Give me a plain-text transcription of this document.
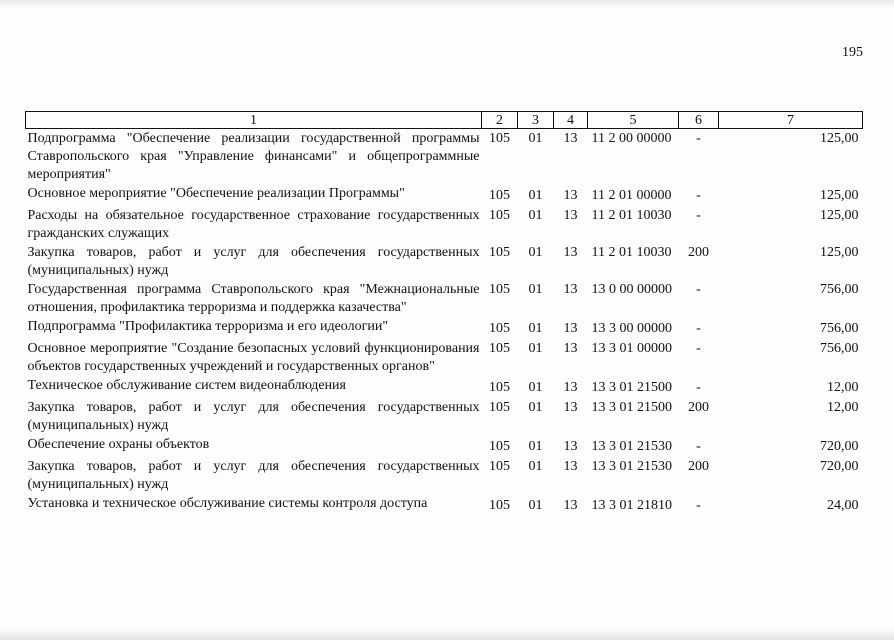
195
1	2	3	4	5	6	7
Подпрограмма "Обеспечение реализации государственной программы Ставропольского края "Управление финансами" и общепрограммные мероприятия"	105	01	13	11 2 00 00000	-	125,00
Основное мероприятие "Обеспечение реализации Программы"	105	01	13	11 2 01 00000	-	125,00
Расходы на обязательное государственное страхование государственных гражданских служащих	105	01	13	11 2 01 10030	-	125,00
Закупка товаров, работ и услуг для обеспечения государственных (муниципальных) нужд	105	01	13	11 2 01 10030	200	125,00
Государственная программа Ставропольского края "Межнациональные отношения, профилактика терроризма и поддержка казачества"	105	01	13	13 0 00 00000	-	756,00
Подпрограмма "Профилактика терроризма и его идеологии"	105	01	13	13 3 00 00000	-	756,00
Основное мероприятие "Создание безопасных условий функционирования объектов государственных учреждений и государственных органов"	105	01	13	13 3 01 00000	-	756,00
Техническое обслуживание систем видеонаблюдения	105	01	13	13 3 01 21500	-	12,00
Закупка товаров, работ и услуг для обеспечения государственных (муниципальных) нужд	105	01	13	13 3 01 21500	200	12,00
Обеспечение охраны объектов	105	01	13	13 3 01 21530	-	720,00
Закупка товаров, работ и услуг для обеспечения государственных (муниципальных) нужд	105	01	13	13 3 01 21530	200	720,00
Установка и техническое обслуживание системы контроля доступа	105	01	13	13 3 01 21810	-	24,00
